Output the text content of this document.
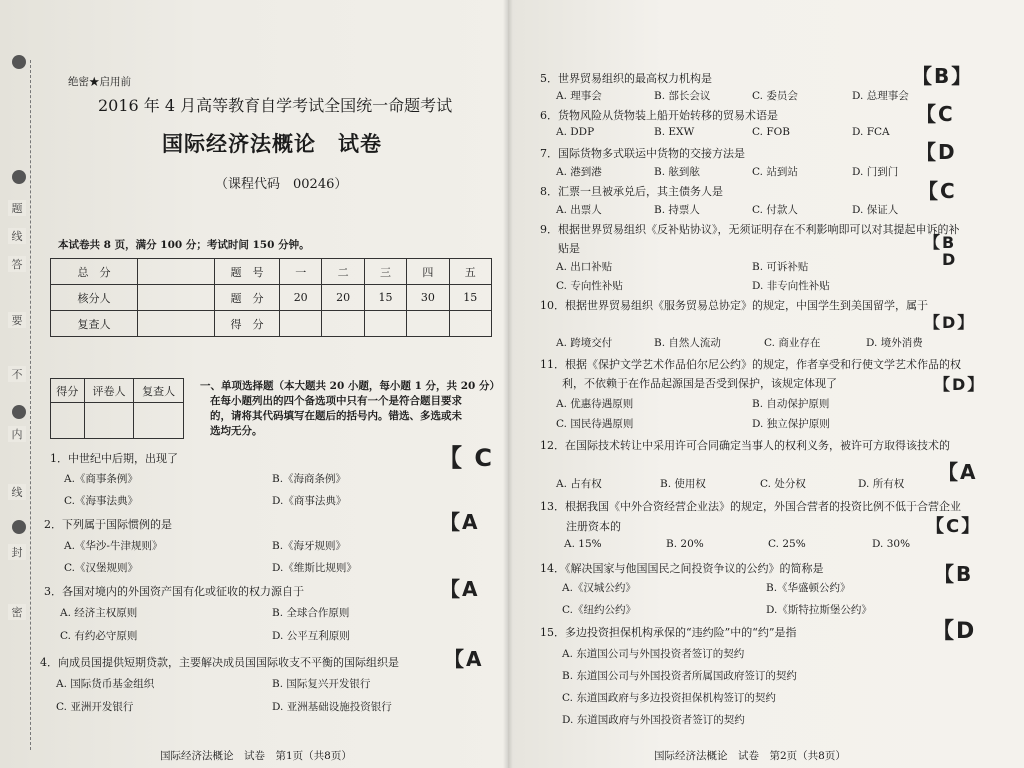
题
线
答
要
不
内
线
封
密
绝密★启用前
2016 年 4 月高等教育自学考试全国统一命题考试
国际经济法概论　试卷
（课程代码　00246）
本试卷共 8 页，满分 100 分；考试时间 150 分钟。
总　分		题　号	一	二	三	四	五
核分人		题　分	20	20	15	30	15
复查人		得　分					
得分	评卷人	复查人
		一、单项选择题（本大题共 20 小题，每小题 1 分，共 20 分）
在每小题列出的四个备选项中只有一个是符合题目要求
的，请将其代码填写在题后的括号内。错选、多选或未
选均无分。
1．中世纪中后期，出现了	【 C
A.《商事条例》	B.《海商条例》
C.《海事法典》	D.《商事法典》
2．下列属于国际惯例的是	【A
A.《华沙-牛津规则》	B.《海牙规则》
C.《汉堡规则》	D.《维斯比规则》
3．各国对境内的外国资产国有化或征收的权力源自于	【A
A. 经济主权原则	B. 全球合作原则
C. 有约必守原则	D. 公平互利原则
4．向成员国提供短期贷款，主要解决成员国国际收支不平衡的国际组织是 【A
A. 国际货币基金组织	B. 国际复兴开发银行
C. 亚洲开发银行	D. 亚洲基础设施投资银行
国际经济法概论　试卷　第1页（共8页）
5．世界贸易组织的最高权力机构是	【B】
A. 理事会	B. 部长会议	C. 委员会	D. 总理事会
6．货物风险从货物装上船开始转移的贸易术语是	【C
A. DDP	B. EXW	C. FOB	D. FCA
7．国际货物多式联运中货物的交接方法是	【D
A. 港到港	B. 舷到舷	C. 站到站	D. 门到门
8．汇票一旦被承兑后，其主债务人是	【C
A. 出票人	B. 持票人	C. 付款人	D. 保证人
9．根据世界贸易组织《反补贴协议》，无须证明存在不利影响即可以对其提起申诉的补
贴是	【B
D
A. 出口补贴	B. 可诉补贴
C. 专向性补贴	D. 非专向性补贴
10．根据世界贸易组织《服务贸易总协定》的规定，中国学生到美国留学，属于
【D】
A. 跨境交付	B. 自然人流动	C. 商业存在	D. 境外消费
11．根据《保护文学艺术作品伯尔尼公约》的规定，作者享受和行使文学艺术作品的权
利，不依赖于在作品起源国是否受到保护，该规定体现了	【D】
A. 优惠待遇原则	B. 自动保护原则
C. 国民待遇原则	D. 独立保护原则
12．在国际技术转让中采用许可合同确定当事人的权利义务，被许可方取得该技术的
【A
A. 占有权	B. 使用权	C. 处分权	D. 所有权
13．根据我国《中外合资经营企业法》的规定，外国合营者的投资比例不低于合营企业
注册资本的	【C】
A. 15%	B. 20%	C. 25%	D. 30%
14．《解决国家与他国国民之间投资争议的公约》的简称是	【B
A.《汉城公约》	B.《华盛顿公约》
C.《纽约公约》	D.《斯特拉斯堡公约》
15．多边投资担保机构承保的“违约险”中的“约”是指	【D
A. 东道国公司与外国投资者签订的契约
B. 东道国公司与外国投资者所属国政府签订的契约
C. 东道国政府与多边投资担保机构签订的契约
D. 东道国政府与外国投资者签订的契约
国际经济法概论　试卷　第2页（共8页）
